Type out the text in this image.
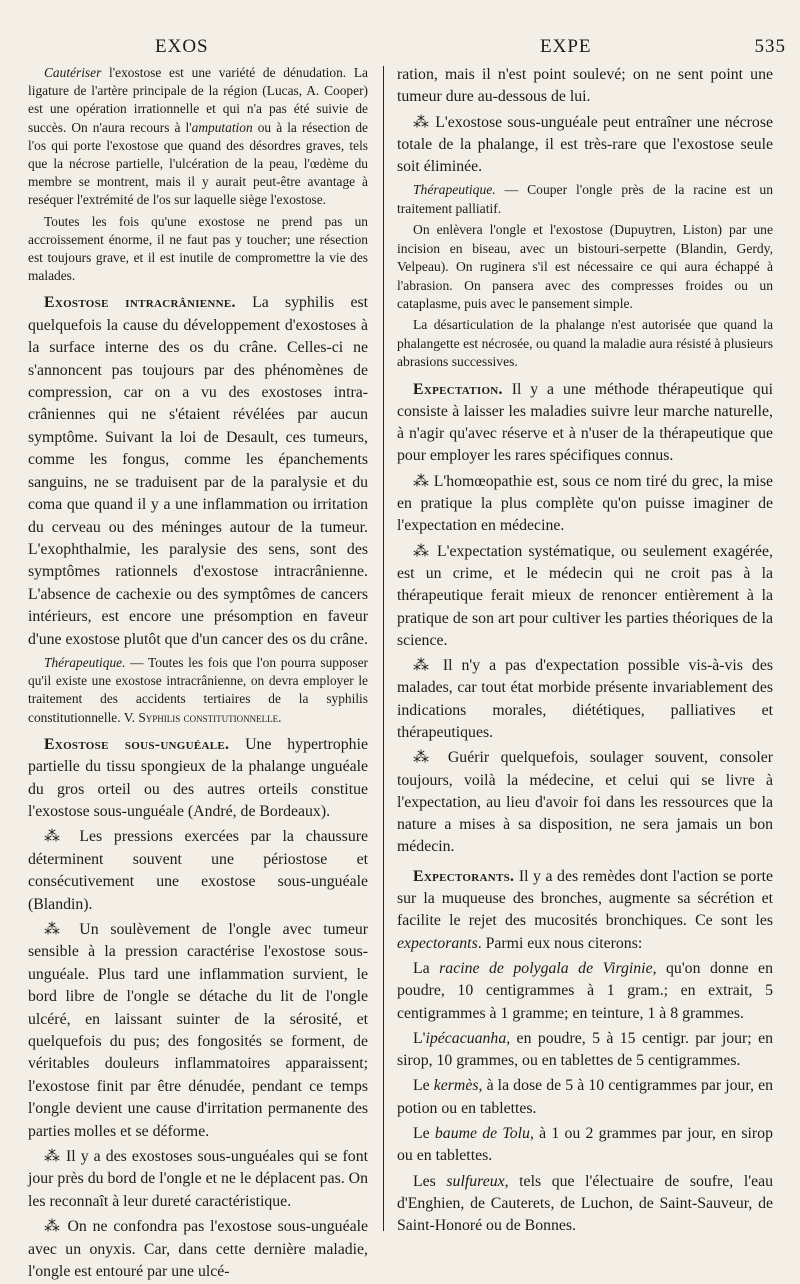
EXOS	EXPE	535

Cautériser l'exostose est une variété de dénudation. La ligature de l'artère principale de la région (Lucas, A. Cooper) est une opération irrationnelle et qui n'a pas été suivie de succès. On n'aura recours à l'amputation ou à la résection de l'os qui porte l'exostose que quand des désordres graves, tels que la nécrose partielle, l'ulcération de la peau, l'œdème du membre se montrent, mais il y aurait peut-être avantage à reséquer l'extrémité de l'os sur laquelle siège l'exostose.

Toutes les fois qu'une exostose ne prend pas un accroissement énorme, il ne faut pas y toucher; une résection est toujours grave, et il est inutile de compromettre la vie des malades.

Exostose intracrânienne. La syphilis est quelquefois la cause du développement d'exostoses à la surface interne des os du crâne. Celles-ci ne s'annoncent pas toujours par des phénomènes de compression, car on a vu des exostoses intra-crâniennes qui ne s'étaient révélées par aucun symptôme. Suivant la loi de Desault, ces tumeurs, comme les fongus, comme les épanchements sanguins, ne se traduisent par de la paralysie et du coma que quand il y a une inflammation ou irritation du cerveau ou des méninges autour de la tumeur. L'exophthalmie, les paralysie des sens, sont des symptômes rationnels d'exostose intracrânienne. L'absence de cachexie ou des symptômes de cancers intérieurs, est encore une présomption en faveur d'une exostose plutôt que d'un cancer des os du crâne.

Thérapeutique. — Toutes les fois que l'on pourra supposer qu'il existe une exostose intracrânienne, on devra employer le traitement des accidents tertiaires de la syphilis constitutionnelle. V. Syphilis constitutionnelle.

Exostose sous-unguéale. Une hypertrophie partielle du tissu spongieux de la phalange unguéale du gros orteil ou des autres orteils constitue l'exostose sous-unguéale (André, de Bordeaux).

⁂ Les pressions exercées par la chaussure déterminent souvent une périostose et consécutivement une exostose sous-unguéale (Blandin).

⁂ Un soulèvement de l'ongle avec tumeur sensible à la pression caractérise l'exostose sous-unguéale. Plus tard une inflammation survient, le bord libre de l'ongle se détache du lit de l'ongle ulcéré, en laissant suinter de la sérosité, et quelquefois du pus; des fongosités se forment, de véritables douleurs inflammatoires apparaissent; l'exostose finit par être dénudée, pendant ce temps l'ongle devient une cause d'irritation permanente des parties molles et se déforme.

⁂ Il y a des exostoses sous-unguéales qui se font jour près du bord de l'ongle et ne le déplacent pas. On les reconnaît à leur dureté caractéristique.

⁂ On ne confondra pas l'exostose sous-unguéale avec un onyxis. Car, dans cette dernière maladie, l'ongle est entouré par une ulcé-

ration, mais il n'est point soulevé; on ne sent point une tumeur dure au-dessous de lui.

⁂ L'exostose sous-unguéale peut entraîner une nécrose totale de la phalange, il est très-rare que l'exostose seule soit éliminée.

Thérapeutique. — Couper l'ongle près de la racine est un traitement palliatif.

On enlèvera l'ongle et l'exostose (Dupuytren, Liston) par une incision en biseau, avec un bistouri-serpette (Blandin, Gerdy, Velpeau). On ruginera s'il est nécessaire ce qui aura échappé à l'abrasion. On pansera avec des compresses froides ou un cataplasme, puis avec le pansement simple.

La désarticulation de la phalange n'est autorisée que quand la phalangette est nécrosée, ou quand la maladie aura résisté à plusieurs abrasions successives.

Expectation. Il y a une méthode thérapeutique qui consiste à laisser les maladies suivre leur marche naturelle, à n'agir qu'avec réserve et à n'user de la thérapeutique que pour employer les rares spécifiques connus.

⁂ L'homœopathie est, sous ce nom tiré du grec, la mise en pratique la plus complète qu'on puisse imaginer de l'expectation en médecine.

⁂ L'expectation systématique, ou seulement exagérée, est un crime, et le médecin qui ne croit pas à la thérapeutique ferait mieux de renoncer entièrement à la pratique de son art pour cultiver les parties théoriques de la science.

⁂ Il n'y a pas d'expectation possible vis-à-vis des malades, car tout état morbide présente invariablement des indications morales, diététiques, palliatives et thérapeutiques.

⁂ Guérir quelquefois, soulager souvent, consoler toujours, voilà la médecine, et celui qui se livre à l'expectation, au lieu d'avoir foi dans les ressources que la nature a mises à sa disposition, ne sera jamais un bon médecin.

Expectorants. Il y a des remèdes dont l'action se porte sur la muqueuse des bronches, augmente sa sécrétion et facilite le rejet des mucosités bronchiques. Ce sont les expectorants. Parmi eux nous citerons:

La racine de polygala de Virginie, qu'on donne en poudre, 10 centigrammes à 1 gram.; en extrait, 5 centigrammes à 1 gramme; en teinture, 1 à 8 grammes.

L'ipécacuanha, en poudre, 5 à 15 centigr. par jour; en sirop, 10 grammes, ou en tablettes de 5 centigrammes.

Le kermès, à la dose de 5 à 10 centigrammes par jour, en potion ou en tablettes.

Le baume de Tolu, à 1 ou 2 grammes par jour, en sirop ou en tablettes.

Les sulfureux, tels que l'électuaire de soufre, l'eau d'Enghien, de Cauterets, de Luchon, de Saint-Sauveur, de Saint-Honoré ou de Bonnes.
